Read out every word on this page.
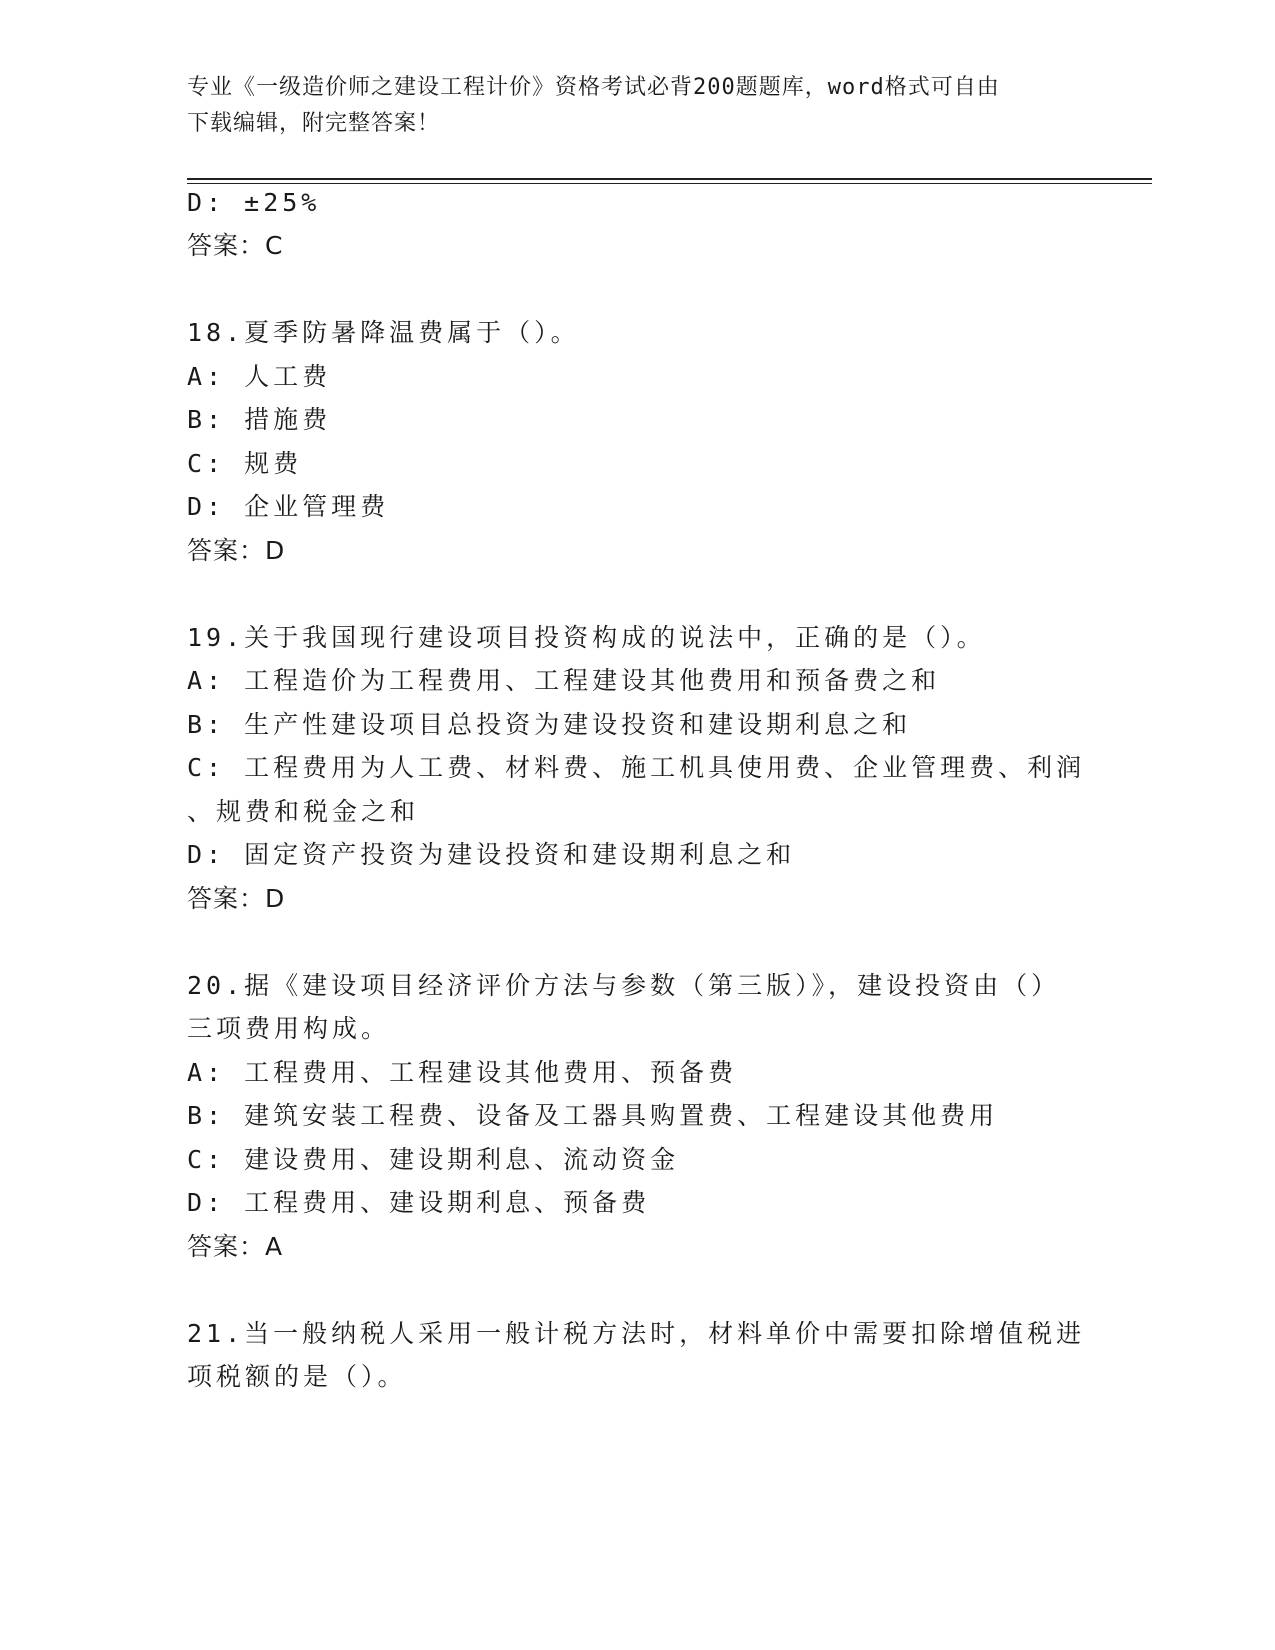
专业《一级造价师之建设工程计价》资格考试必背200题题库，word格式可自由
下载编辑，附完整答案！
D: ±25%
答案：C
18.夏季防暑降温费属于（）。
A: 人工费
B: 措施费
C: 规费
D: 企业管理费
答案：D
19.关于我国现行建设项目投资构成的说法中，正确的是（）。
A: 工程造价为工程费用、工程建设其他费用和预备费之和
B: 生产性建设项目总投资为建设投资和建设期利息之和
C: 工程费用为人工费、材料费、施工机具使用费、企业管理费、利润
、规费和税金之和
D: 固定资产投资为建设投资和建设期利息之和
答案：D
20.据《建设项目经济评价方法与参数（第三版）》，建设投资由（）
三项费用构成。
A: 工程费用、工程建设其他费用、预备费
B: 建筑安装工程费、设备及工器具购置费、工程建设其他费用
C: 建设费用、建设期利息、流动资金
D: 工程费用、建设期利息、预备费
答案：A
21.当一般纳税人采用一般计税方法时，材料单价中需要扣除增值税进
项税额的是（）。
